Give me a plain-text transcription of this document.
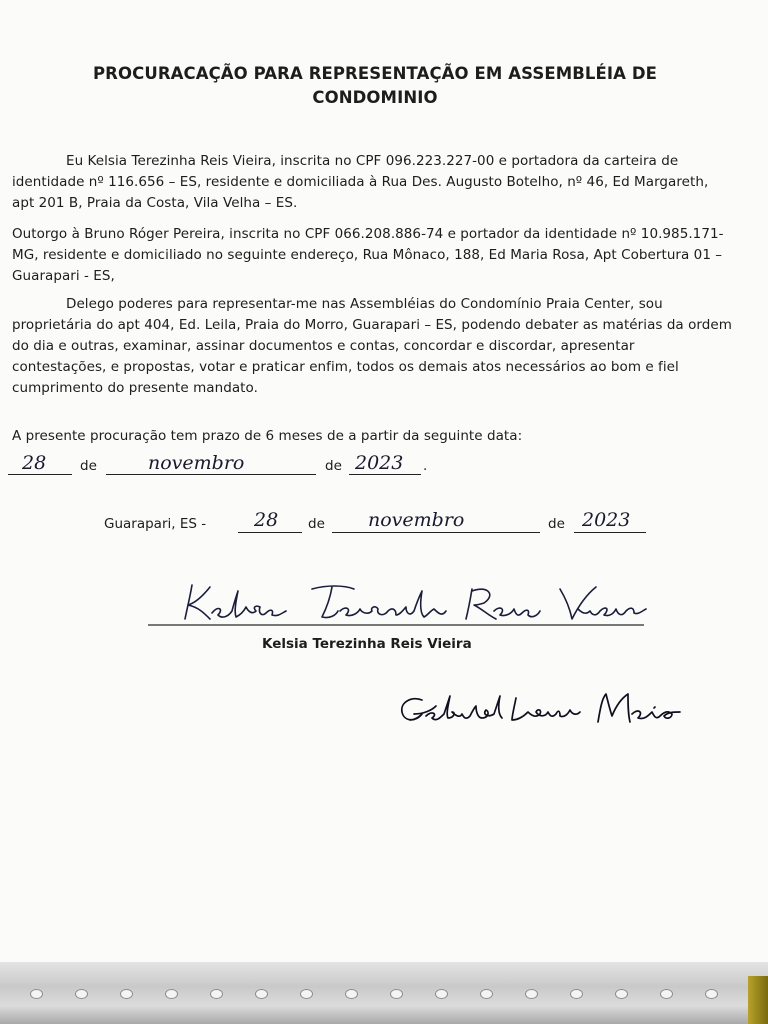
PROCURACAÇÃO PARA REPRESENTAÇÃO EM ASSEMBLÉIA DE
CONDOMINIO
Eu Kelsia Terezinha Reis Vieira, inscrita no CPF 096.223.227-00 e portadora da carteira de identidade nº 116.656 – ES, residente e domiciliada à Rua Des. Augusto Botelho, nº 46, Ed Margareth, apt 201 B, Praia da Costa, Vila Velha – ES.
Outorgo à Bruno Róger Pereira, inscrita no CPF 066.208.886-74 e portador da identidade nº 10.985.171-MG, residente e domiciliado no seguinte endereço, Rua Mônaco, 188, Ed Maria Rosa, Apt Cobertura 01 – Guarapari - ES,
Delego poderes para representar-me nas Assembléias do Condomínio Praia Center, sou proprietária do apt 404, Ed. Leila, Praia do Morro, Guarapari – ES, podendo debater as matérias da ordem do dia e outras, examinar, assinar documentos e contas, concordar e discordar, apresentar contestações, e propostas, votar e praticar enfim, todos os demais atos necessários ao bom e fiel cumprimento do presente mandato.
A presente procuração tem prazo de 6 meses de a partir da seguinte data:
28	de	novembro	de 2023 .
Guarapari, ES -	28 de novembro	de 2023
Kelsia Terezinha Reis Vieira
